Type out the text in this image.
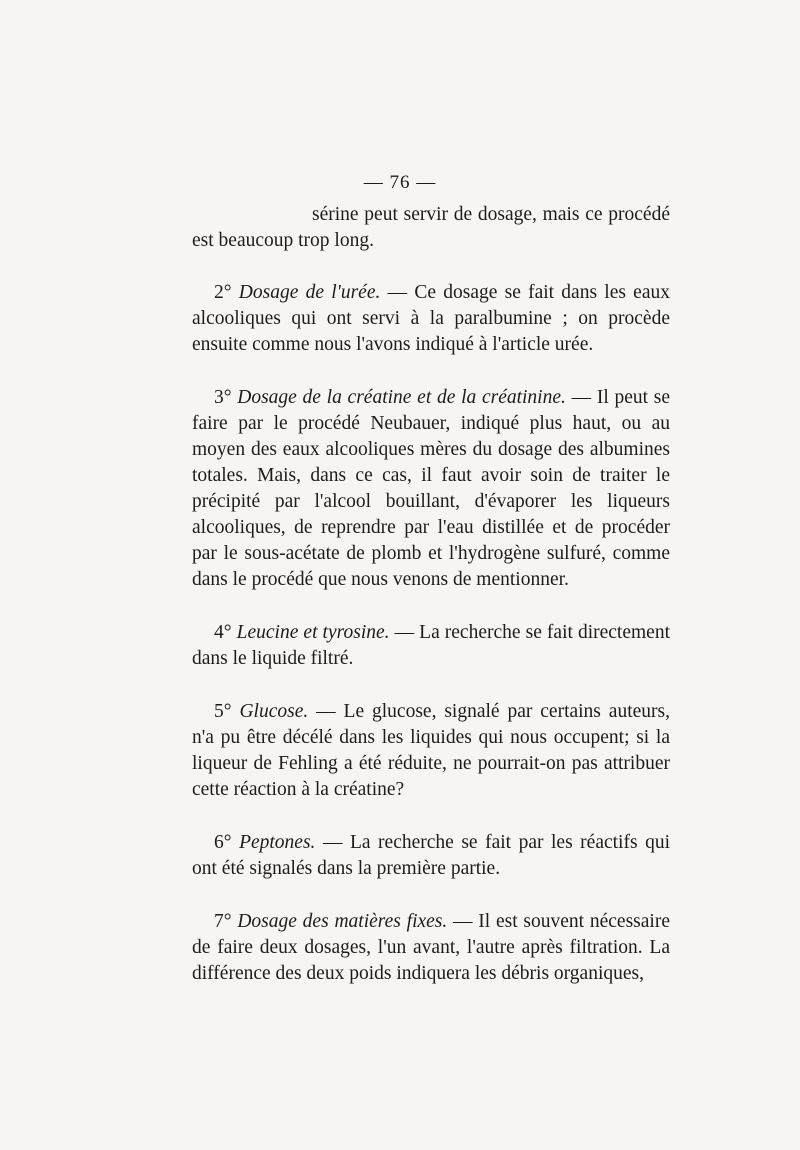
— 76 —

sérine peut servir de dosage, mais ce procédé est beaucoup trop long.

2° Dosage de l'urée. — Ce dosage se fait dans les eaux alcooliques qui ont servi à la paralbumine ; on procède ensuite comme nous l'avons indiqué à l'article urée.

3° Dosage de la créatine et de la créatinine. — Il peut se faire par le procédé Neubauer, indiqué plus haut, ou au moyen des eaux alcooliques mères du dosage des albumines totales. Mais, dans ce cas, il faut avoir soin de traiter le précipité par l'alcool bouillant, d'évaporer les liqueurs alcooliques, de reprendre par l'eau distillée et de procéder par le sous-acétate de plomb et l'hydrogène sulfuré, comme dans le procédé que nous venons de mentionner.

4° Leucine et tyrosine. — La recherche se fait directement dans le liquide filtré.

5° Glucose. — Le glucose, signalé par certains auteurs, n'a pu être décélé dans les liquides qui nous occupent; si la liqueur de Fehling a été réduite, ne pourrait-on pas attribuer cette réaction à la créatine?

6° Peptones. — La recherche se fait par les réactifs qui ont été signalés dans la première partie.

7° Dosage des matières fixes. — Il est souvent nécessaire de faire deux dosages, l'un avant, l'autre après filtration. La différence des deux poids indiquera les débris organiques,
